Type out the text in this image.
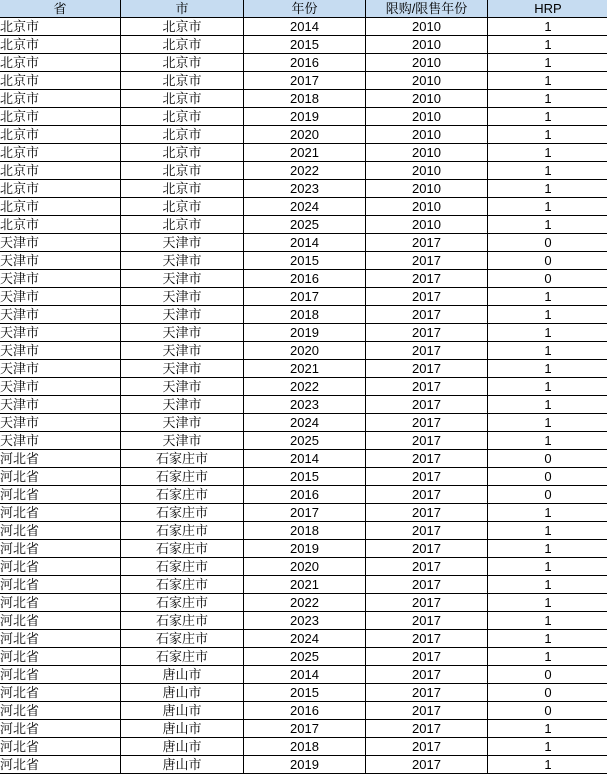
省	市	年份	限购/限售年份	HRP
北京市	北京市	2014	2010	1
北京市	北京市	2015	2010	1
北京市	北京市	2016	2010	1
北京市	北京市	2017	2010	1
北京市	北京市	2018	2010	1
北京市	北京市	2019	2010	1
北京市	北京市	2020	2010	1
北京市	北京市	2021	2010	1
北京市	北京市	2022	2010	1
北京市	北京市	2023	2010	1
北京市	北京市	2024	2010	1
北京市	北京市	2025	2010	1
天津市	天津市	2014	2017	0
天津市	天津市	2015	2017	0
天津市	天津市	2016	2017	0
天津市	天津市	2017	2017	1
天津市	天津市	2018	2017	1
天津市	天津市	2019	2017	1
天津市	天津市	2020	2017	1
天津市	天津市	2021	2017	1
天津市	天津市	2022	2017	1
天津市	天津市	2023	2017	1
天津市	天津市	2024	2017	1
天津市	天津市	2025	2017	1
河北省	石家庄市	2014	2017	0
河北省	石家庄市	2015	2017	0
河北省	石家庄市	2016	2017	0
河北省	石家庄市	2017	2017	1
河北省	石家庄市	2018	2017	1
河北省	石家庄市	2019	2017	1
河北省	石家庄市	2020	2017	1
河北省	石家庄市	2021	2017	1
河北省	石家庄市	2022	2017	1
河北省	石家庄市	2023	2017	1
河北省	石家庄市	2024	2017	1
河北省	石家庄市	2025	2017	1
河北省	唐山市	2014	2017	0
河北省	唐山市	2015	2017	0
河北省	唐山市	2016	2017	0
河北省	唐山市	2017	2017	1
河北省	唐山市	2018	2017	1
河北省	唐山市	2019	2017	1
